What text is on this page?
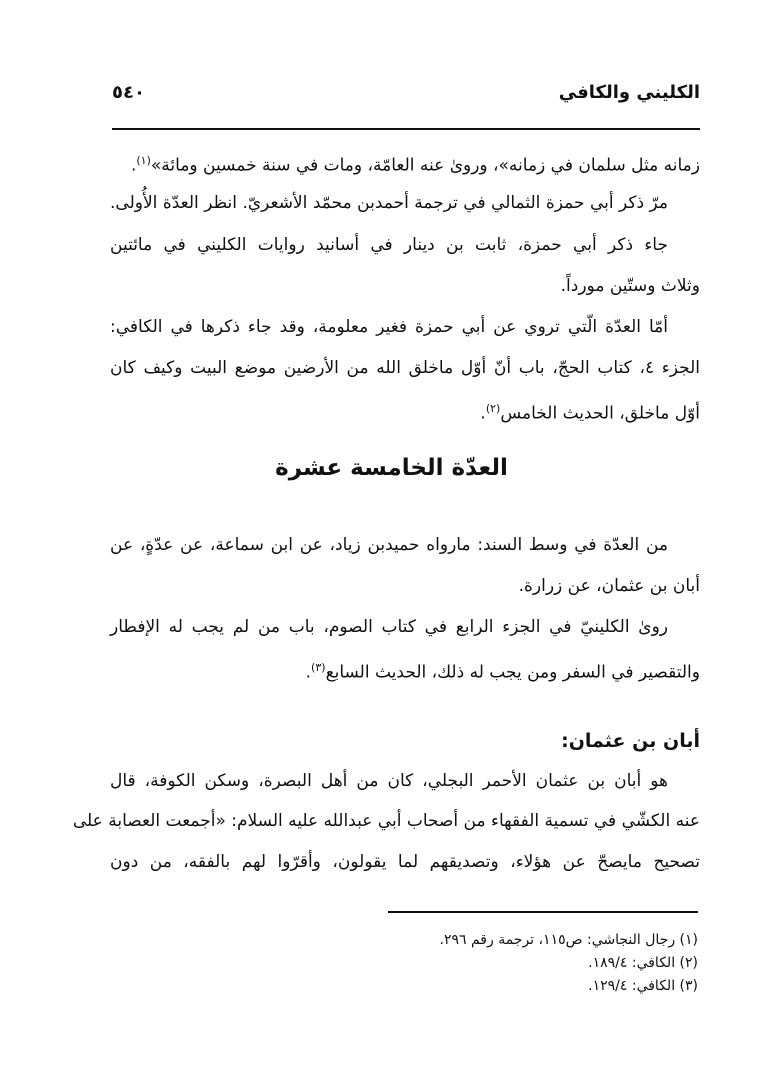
الكليني والكافي
٥٤٠
زمانه مثل سلمان في زمانه»، وروىٰ عنه العامّة، ومات في سنة خمسين ومائة»$^{(١)}$.
مرّ ذكر أبي حمزة الثمالي في ترجمة أحمدبن محمّد الأشعريّ. انظر العدّة الأُولى.
جاء ذكر أبي حمزة، ثابت بن دينار في أسانيد روايات الكليني في مائتين
وثلاث وستّين مورداً.
أمّا العدّة الّتي تروي عن أبي حمزة فغير معلومة، وقد جاء ذكرها في الكافي:
الجزء ٤، كتاب الحجّ، باب أنّ أوّل ماخلق الله من الأرضين موضع البيت وكيف كان
أوّل ماخلق، الحديث الخامس$^{(٢)}$.
العدّة الخامسة عشرة
من العدّة في وسط السند: مارواه حميدبن زياد، عن ابن سماعة، عن عدّةٍ، عن
أبان بن عثمان، عن زرارة.
روىٰ الكلينيّ في الجزء الرابع في كتاب الصوم، باب من لم يجب له الإفطار
والتقصير في السفر ومن يجب له ذلك، الحديث السابع$^{(٣)}$.
أبان بن عثمان:
هو أبان بن عثمان الأحمر البجلي، كان من أهل البصرة، وسكن الكوفة، قال
عنه الكشّي في تسمية الفقهاء من أصحاب أبي عبدالله عليه السلام: «أجمعت العصابة على
تصحيح مايصحّ عن هؤلاء، وتصديقهم لما يقولون، وأقرّوا لهم بالفقه، من دون
(١) رجال النجاشي: ص١١٥، ترجمة رقم ٢٩٦.
(٢) الكافي: ١٨٩/٤.
(٣) الكافي: ١٢٩/٤.
